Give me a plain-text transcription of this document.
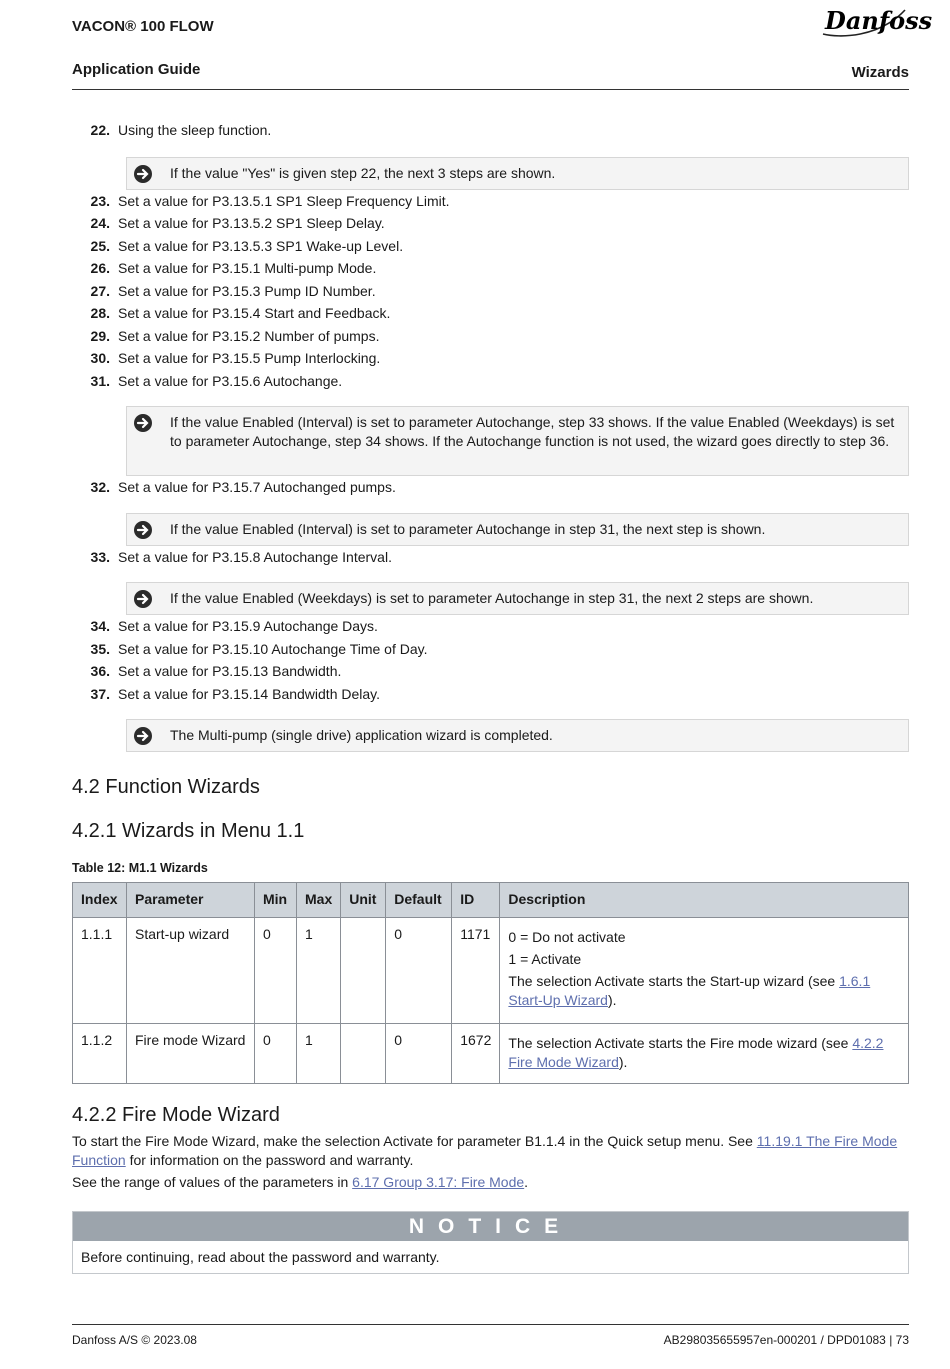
VACON® 100 FLOW
Application Guide	Wizards
Danfoss
22. Using the sleep function.
If the value "Yes" is given step 22, the next 3 steps are shown.
23. Set a value for P3.13.5.1 SP1 Sleep Frequency Limit.
24. Set a value for P3.13.5.2 SP1 Sleep Delay.
25. Set a value for P3.13.5.3 SP1 Wake-up Level.
26. Set a value for P3.15.1 Multi-pump Mode.
27. Set a value for P3.15.3 Pump ID Number.
28. Set a value for P3.15.4 Start and Feedback.
29. Set a value for P3.15.2 Number of pumps.
30. Set a value for P3.15.5 Pump Interlocking.
31. Set a value for P3.15.6 Autochange.
If the value Enabled (Interval) is set to parameter Autochange, step 33 shows. If the value Enabled (Weekdays) is set to parameter Autochange, step 34 shows. If the Autochange function is not used, the wizard goes directly to step 36.
32. Set a value for P3.15.7 Autochanged pumps.
If the value Enabled (Interval) is set to parameter Autochange in step 31, the next step is shown.
33. Set a value for P3.15.8 Autochange Interval.
If the value Enabled (Weekdays) is set to parameter Autochange in step 31, the next 2 steps are shown.
34. Set a value for P3.15.9 Autochange Days.
35. Set a value for P3.15.10 Autochange Time of Day.
36. Set a value for P3.15.13 Bandwidth.
37. Set a value for P3.15.14 Bandwidth Delay.
The Multi-pump (single drive) application wizard is completed.
4.2 Function Wizards
4.2.1 Wizards in Menu 1.1
Table 12: M1.1 Wizards
Index	Parameter	Min	Max	Unit	Default	ID	Description
1.1.1	Start-up wizard	0	1		0	1171	0 = Do not activate

1 = Activate

The selection Activate starts the Start-up wizard (see 1.6.1 Start-Up Wizard).

1.1.2	Fire mode Wizard	0	1		0	1672	The selection Activate starts the Fire mode wizard (see 4.2.2 Fire Mode Wizard).

4.2.2 Fire Mode Wizard
To start the Fire Mode Wizard, make the selection Activate for parameter B1.1.4 in the Quick setup menu. See 11.19.1 The Fire Mode Function for information on the password and warranty.
See the range of values of the parameters in 6.17 Group 3.17: Fire Mode.
NOTICE
Before continuing, read about the password and warranty.
Danfoss A/S © 2023.08	AB298035655957en-000201 / DPD01083 | 73
